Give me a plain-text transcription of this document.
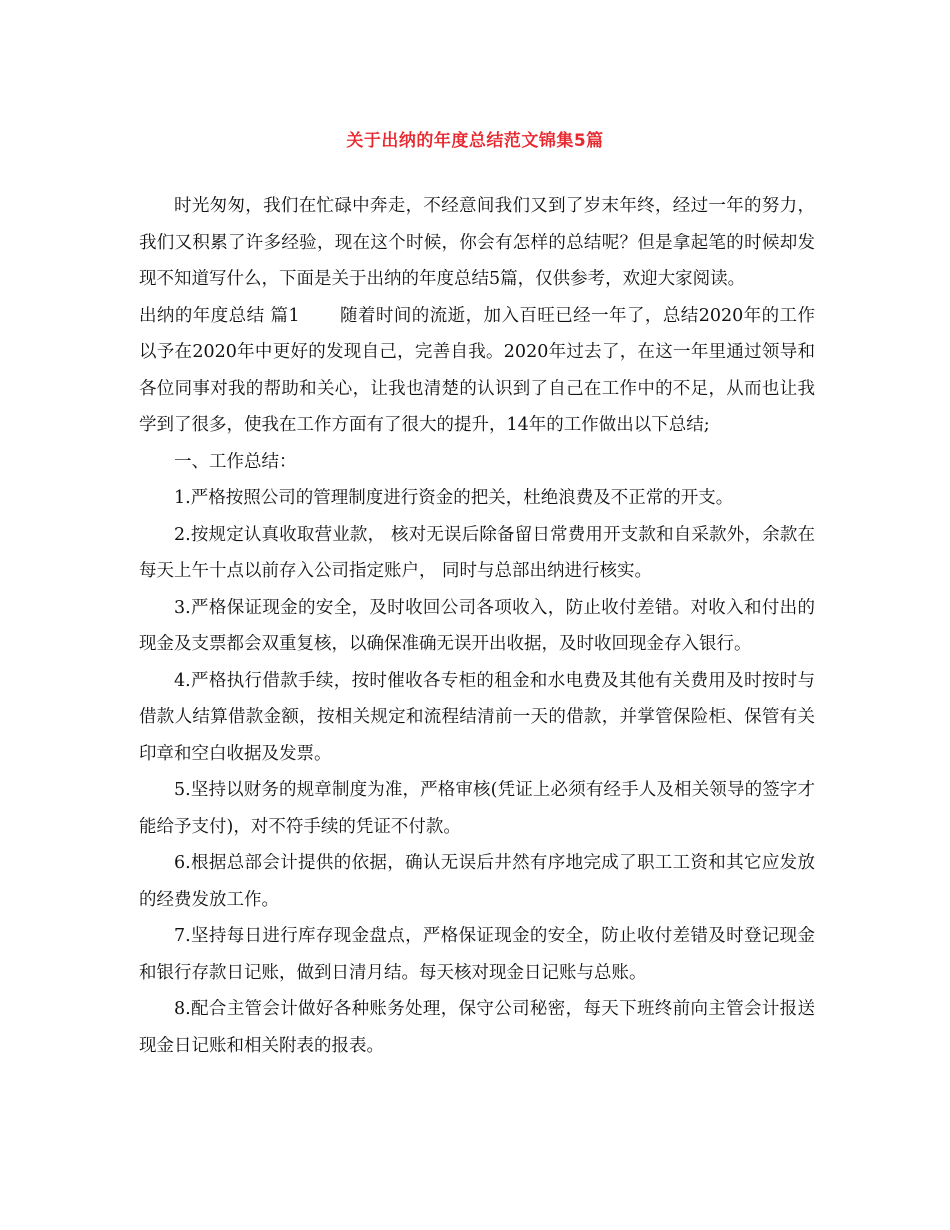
关于出纳的年度总结范文锦集5篇

时光匆匆，我们在忙碌中奔走，不经意间我们又到了岁末年终，经过一年的努力，我们又积累了许多经验，现在这个时候，你会有怎样的总结呢？但是拿起笔的时候却发现不知道写什么，下面是关于出纳的年度总结5篇，仅供参考，欢迎大家阅读。

出纳的年度总结 篇1 随着时间的流逝，加入百旺已经一年了，总结2020年的工作以予在2020年中更好的发现自己，完善自我。2020年过去了，在这一年里通过领导和各位同事对我的帮助和关心，让我也清楚的认识到了自己在工作中的不足，从而也让我学到了很多，使我在工作方面有了很大的提升，14年的工作做出以下总结;

一、工作总结：

1.严格按照公司的管理制度进行资金的把关，杜绝浪费及不正常的开支。

2.按规定认真收取营业款， 核对无误后除备留日常费用开支款和自采款外，余款在每天上午十点以前存入公司指定账户， 同时与总部出纳进行核实。

3.严格保证现金的安全，及时收回公司各项收入，防止收付差错。对收入和付出的现金及支票都会双重复核，以确保准确无误开出收据，及时收回现金存入银行。

4.严格执行借款手续，按时催收各专柜的租金和水电费及其他有关费用及时按时与借款人结算借款金额，按相关规定和流程结清前一天的借款，并掌管保险柜、保管有关印章和空白收据及发票。

5.坚持以财务的规章制度为准，严格审核(凭证上必须有经手人及相关领导的签字才能给予支付)，对不符手续的凭证不付款。

6.根据总部会计提供的依据，确认无误后井然有序地完成了职工工资和其它应发放的经费发放工作。

7.坚持每日进行库存现金盘点，严格保证现金的安全，防止收付差错及时登记现金和银行存款日记账，做到日清月结。每天核对现金日记账与总账。

8.配合主管会计做好各种账务处理，保守公司秘密，每天下班终前向主管会计报送现金日记账和相关附表的报表。
